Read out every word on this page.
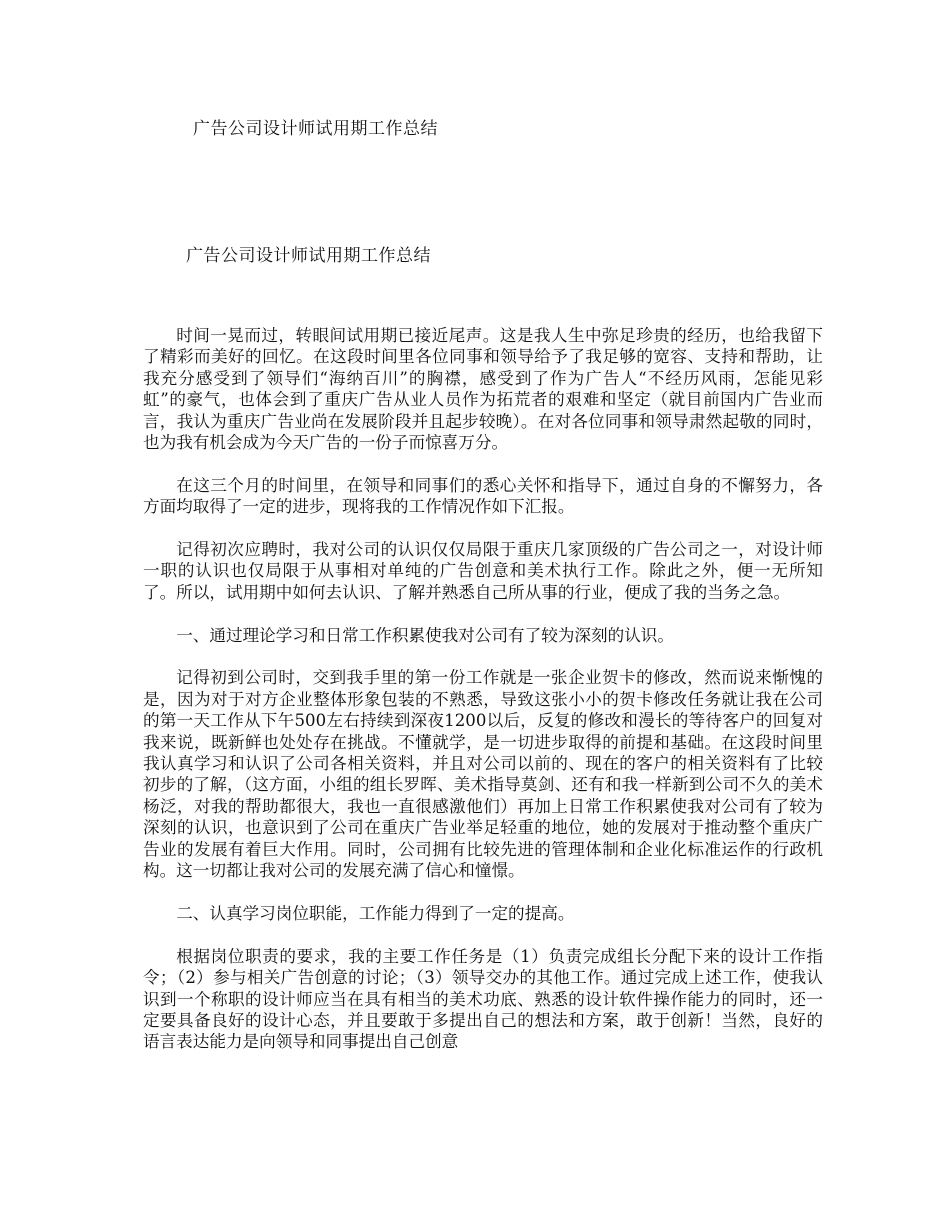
广告公司设计师试用期工作总结
广告公司设计师试用期工作总结

时间一晃而过，转眼间试用期已接近尾声。这是我人生中弥足珍贵的经历，也给我留下了精彩而美好的回忆。在这段时间里各位同事和领导给予了我足够的宽容、支持和帮助，让我充分感受到了领导们“海纳百川”的胸襟，感受到了作为广告人“不经历风雨，怎能见彩虹”的豪气，也体会到了重庆广告从业人员作为拓荒者的艰难和坚定（就目前国内广告业而言，我认为重庆广告业尚在发展阶段并且起步较晚）。在对各位同事和领导肃然起敬的同时，也为我有机会成为今天广告的一份子而惊喜万分。

在这三个月的时间里，在领导和同事们的悉心关怀和指导下，通过自身的不懈努力，各方面均取得了一定的进步，现将我的工作情况作如下汇报。

记得初次应聘时，我对公司的认识仅仅局限于重庆几家顶级的广告公司之一，对设计师一职的认识也仅局限于从事相对单纯的广告创意和美术执行工作。除此之外，便一无所知了。所以，试用期中如何去认识、了解并熟悉自己所从事的行业，便成了我的当务之急。

一、通过理论学习和日常工作积累使我对公司有了较为深刻的认识。

记得初到公司时，交到我手里的第一份工作就是一张企业贺卡的修改，然而说来惭愧的是，因为对于对方企业整体形象包装的不熟悉，导致这张小小的贺卡修改任务就让我在公司的第一天工作从下午500左右持续到深夜1200以后，反复的修改和漫长的等待客户的回复对我来说，既新鲜也处处存在挑战。不懂就学，是一切进步取得的前提和基础。在这段时间里我认真学习和认识了公司各相关资料，并且对公司以前的、现在的客户的相关资料有了比较初步的了解，（这方面，小组的组长罗晖、美术指导莫剑、还有和我一样新到公司不久的美术杨泛，对我的帮助都很大，我也一直很感激他们）再加上日常工作积累使我对公司有了较为深刻的认识，也意识到了公司在重庆广告业举足轻重的地位，她的发展对于推动整个重庆广告业的发展有着巨大作用。同时，公司拥有比较先进的管理体制和企业化标准运作的行政机构。这一切都让我对公司的发展充满了信心和憧憬。

二、认真学习岗位职能，工作能力得到了一定的提高。

根据岗位职责的要求，我的主要工作任务是（1）负责完成组长分配下来的设计工作指令；（2）参与相关广告创意的讨论；（3）领导交办的其他工作。通过完成上述工作，使我认识到一个称职的设计师应当在具有相当的美术功底、熟悉的设计软件操作能力的同时，还一定要具备良好的设计心态，并且要敢于多提出自己的想法和方案，敢于创新！当然，良好的语言表达能力是向领导和同事提出自己创意
